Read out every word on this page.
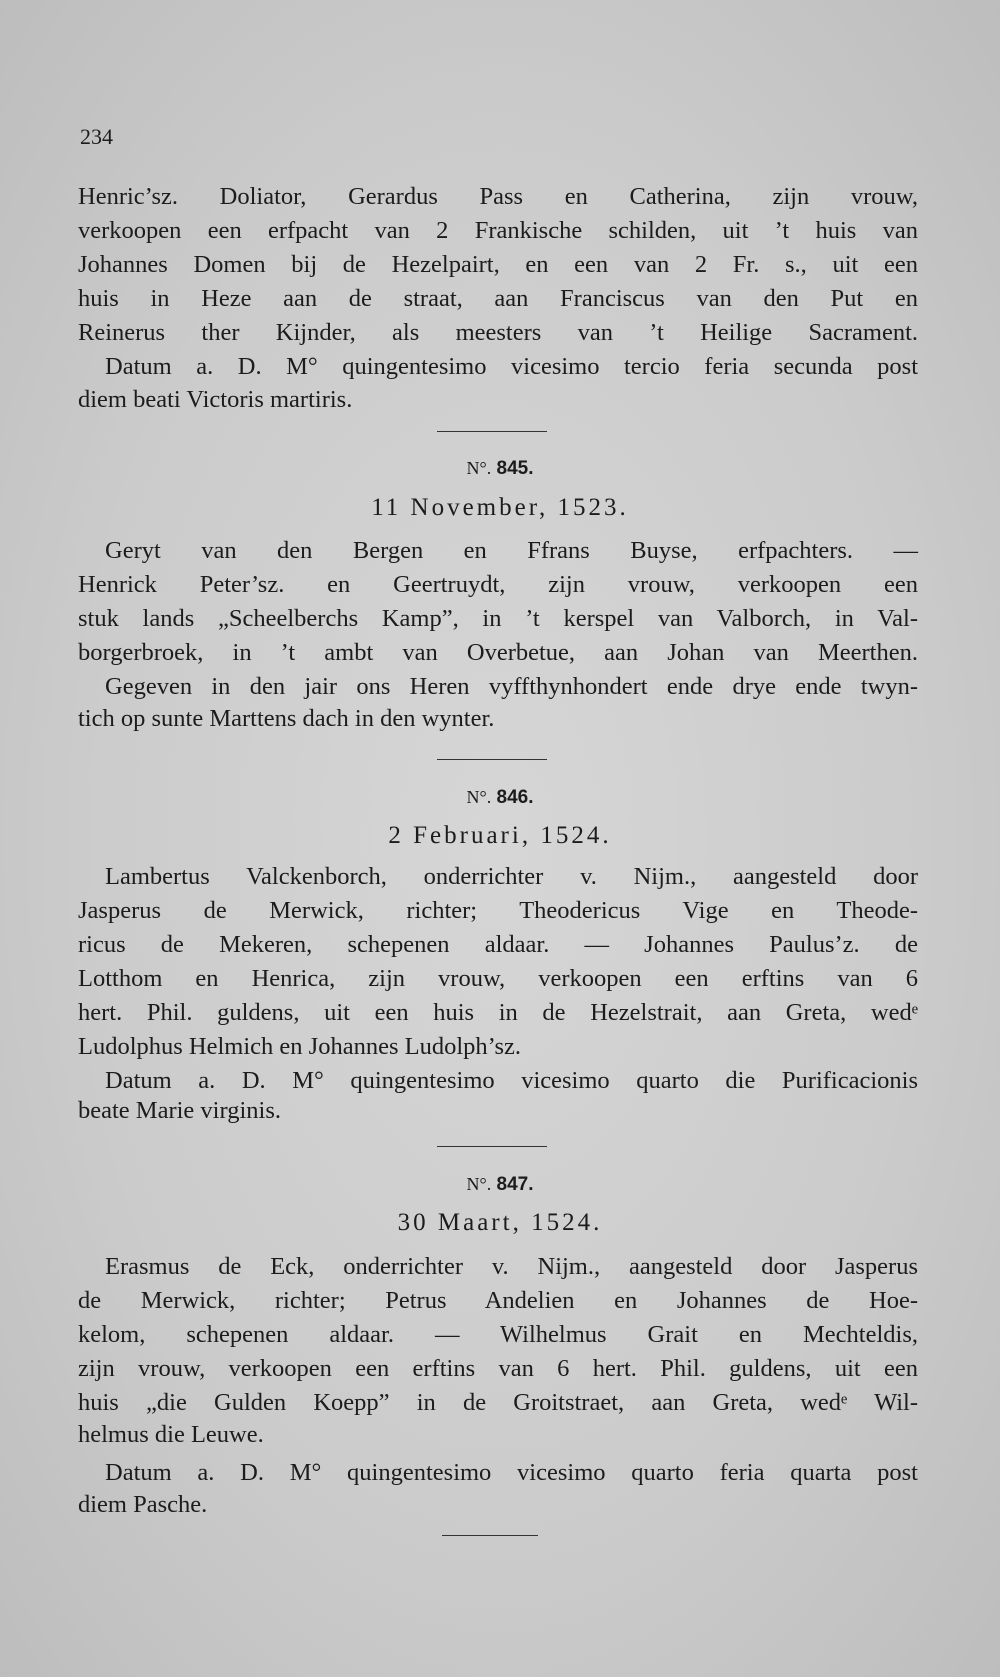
234
Henric’sz. Doliator, Gerardus Pass en Catherina, zijn vrouw,
verkoopen een erfpacht van 2 Frankische schilden, uit ’t huis van
Johannes Domen bij de Hezelpairt, en een van 2 Fr. s., uit een
huis in Heze aan de straat, aan Franciscus van den Put en
Reinerus ther Kijnder, als meesters van ’t Heilige Sacrament.
Datum a. D. M° quingentesimo vicesimo tercio feria secunda post
diem beati Victoris martiris.
N°. 845.
11 November, 1523.
Geryt van den Bergen en Ffrans Buyse, erfpachters. —
Henrick Peter’sz. en Geertruydt, zijn vrouw, verkoopen een
stuk lands „Scheelberchs Kamp”, in ’t kerspel van Valborch, in Val-
borgerbroek, in ’t ambt van Overbetue, aan Johan van Meerthen.
Gegeven in den jair ons Heren vyffthynhondert ende drye ende twyn-
tich op sunte Marttens dach in den wynter.
N°. 846.
2 Februari, 1524.
Lambertus Valckenborch, onderrichter v. Nijm., aangesteld door
Jasperus de Merwick, richter; Theodericus Vige en Theode-
ricus de Mekeren, schepenen aldaar. — Johannes Paulus’z. de
Lotthom en Henrica, zijn vrouw, verkoopen een erftins van 6
hert. Phil. guldens, uit een huis in de Hezelstrait, aan Greta, wedᵉ
Ludolphus Helmich en Johannes Ludolph’sz.
Datum a. D. M° quingentesimo vicesimo quarto die Purificacionis
beate Marie virginis.
N°. 847.
30 Maart, 1524.
Erasmus de Eck, onderrichter v. Nijm., aangesteld door Jasperus
de Merwick, richter; Petrus Andelien en Johannes de Hoe-
kelom, schepenen aldaar. — Wilhelmus Grait en Mechteldis,
zijn vrouw, verkoopen een erftins van 6 hert. Phil. guldens, uit een
huis „die Gulden Koepp” in de Groitstraet, aan Greta, wedᵉ Wil-
helmus die Leuwe.
Datum a. D. M° quingentesimo vicesimo quarto feria quarta post
diem Pasche.
